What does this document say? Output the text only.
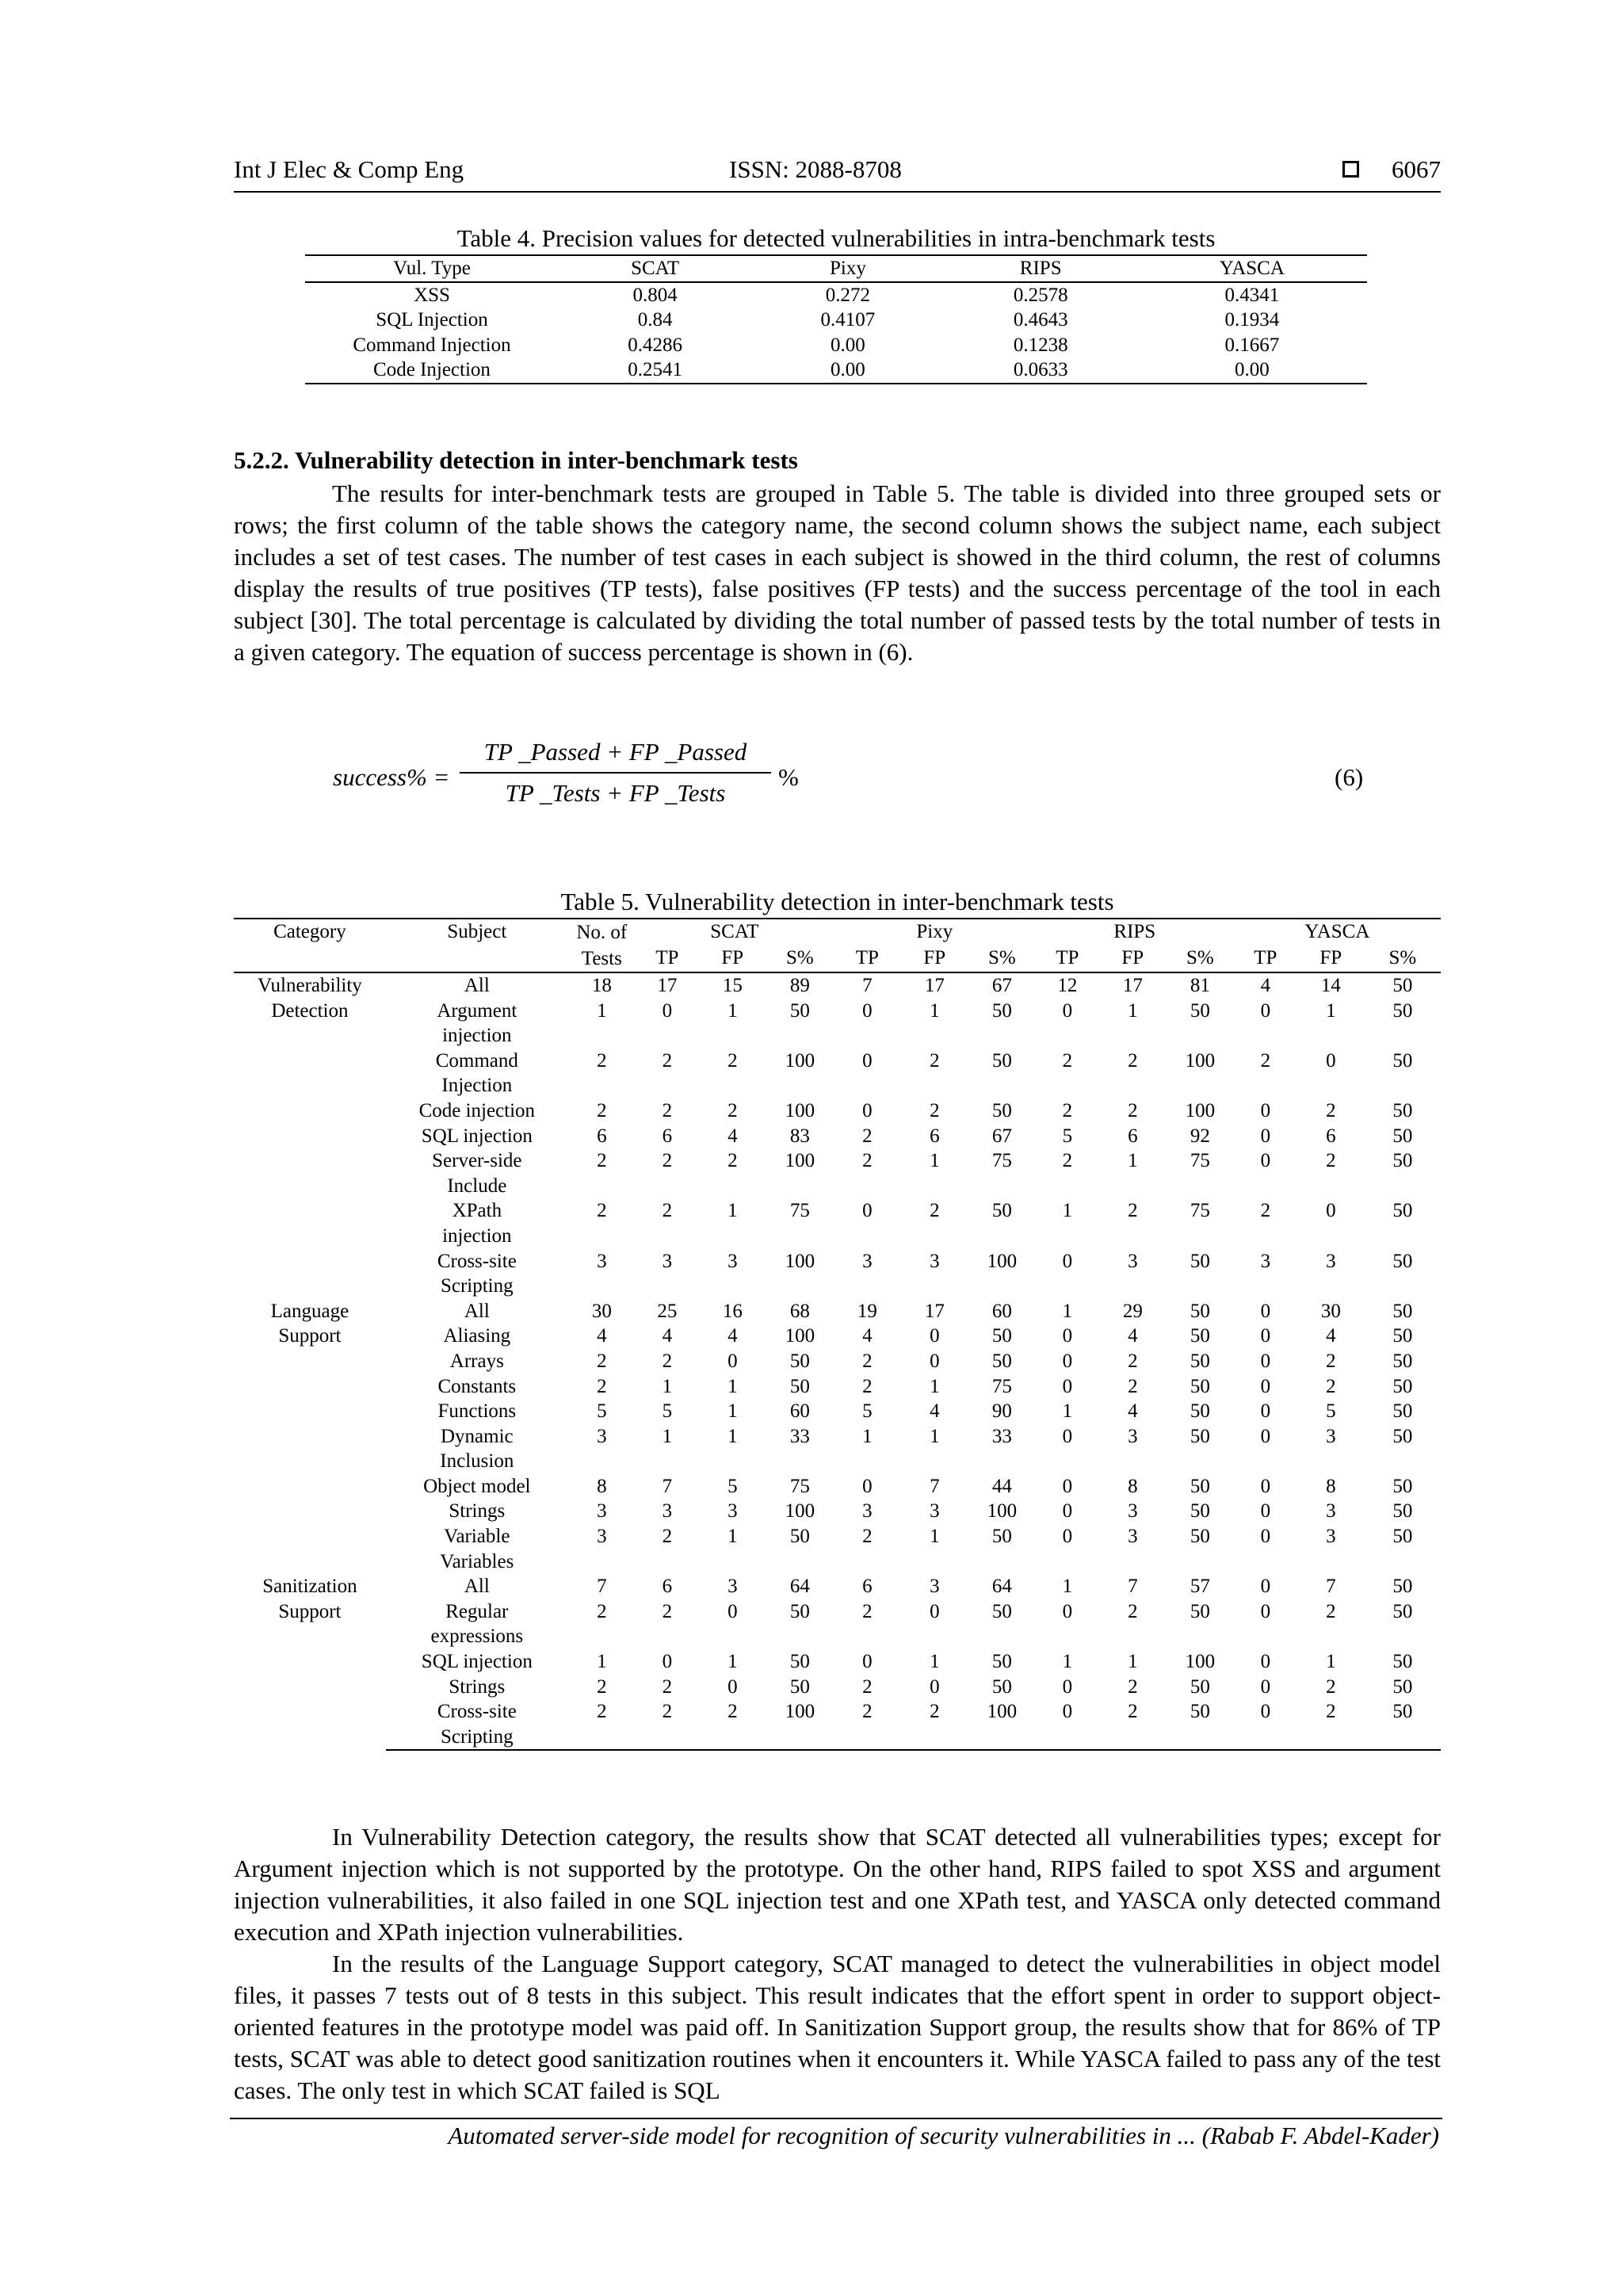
Int J Elec & Comp Eng	ISSN: 2088-8708	6067
Table 4. Precision values for detected vulnerabilities in intra-benchmark tests
Vul. Type	SCAT	Pixy	RIPS	YASCA
XSS	0.804	0.272	0.2578	0.4341
SQL Injection	0.84	0.4107	0.4643	0.1934
Command Injection	0.4286	0.00	0.1238	0.1667
Code Injection	0.2541	0.00	0.0633	0.00
5.2.2. Vulnerability detection in inter-benchmark tests

The results for inter-benchmark tests are grouped in Table 5. The table is divided into three grouped sets or rows; the first column of the table shows the category name, the second column shows the subject name, each subject includes a set of test cases. The number of test cases in each subject is showed in the third column, the rest of columns display the results of true positives (TP tests), false positives (FP tests) and the success percentage of the tool in each subject [30]. The total percentage is calculated by dividing the total number of passed tests by the total number of tests in a given category. The equation of success percentage is shown in (6).

success% =
TP _Passed + FP _Passed
TP _Tests + FP _Tests
%	(6)
Table 5. Vulnerability detection in inter-benchmark tests
Category	Subject	No. of Tests	SCAT			Pixy			RIPS			YASCA		
			TP	FP	S%	TP	FP	S%	TP	FP	S%	TP	FP	S%
Vulnerability Detection	All	18	17	15	89	7	17	67	12	17	81	4	14	50
	Argument injection	1	0	1	50	0	1	50	0	1	50	0	1	50
	Command Injection	2	2	2	100	0	2	50	2	2	100	2	0	50
	Code injection	2	2	2	100	0	2	50	2	2	100	0	2	50
	SQL injection	6	6	4	83	2	6	67	5	6	92	0	6	50
	Server-side Include	2	2	2	100	2	1	75	2	1	75	0	2	50
	XPath injection	2	2	1	75	0	2	50	1	2	75	2	0	50
	Cross-site Scripting	3	3	3	100	3	3	100	0	3	50	3	3	50
Language Support	All	30	25	16	68	19	17	60	1	29	50	0	30	50
	Aliasing	4	4	4	100	4	0	50	0	4	50	0	4	50
	Arrays	2	2	0	50	2	0	50	0	2	50	0	2	50
	Constants	2	1	1	50	2	1	75	0	2	50	0	2	50
	Functions	5	5	1	60	5	4	90	1	4	50	0	5	50
	Dynamic Inclusion	3	1	1	33	1	1	33	0	3	50	0	3	50
	Object model	8	7	5	75	0	7	44	0	8	50	0	8	50
	Strings	3	3	3	100	3	3	100	0	3	50	0	3	50
	Variable Variables	3	2	1	50	2	1	50	0	3	50	0	3	50
Sanitization Support	All	7	6	3	64	6	3	64	1	7	57	0	7	50
	Regular expressions	2	2	0	50	2	0	50	0	2	50	0	2	50
	SQL injection	1	0	1	50	0	1	50	1	1	100	0	1	50
	Strings	2	2	0	50	2	0	50	0	2	50	0	2	50
	Cross-site Scripting	2	2	2	100	2	2	100	0	2	50	0	2	50

In Vulnerability Detection category, the results show that SCAT detected all vulnerabilities types; except for Argument injection which is not supported by the prototype. On the other hand, RIPS failed to spot XSS and argument injection vulnerabilities, it also failed in one SQL injection test and one XPath test, and YASCA only detected command execution and XPath injection vulnerabilities.

In the results of the Language Support category, SCAT managed to detect the vulnerabilities in object model files, it passes 7 tests out of 8 tests in this subject. This result indicates that the effort spent in order to support object-oriented features in the prototype model was paid off. In Sanitization Support group, the results show that for 86% of TP tests, SCAT was able to detect good sanitization routines when it encounters it. While YASCA failed to pass any of the test cases. The only test in which SCAT failed is SQL

Automated server-side model for recognition of security vulnerabilities in ... (Rabab F. Abdel-Kader)
